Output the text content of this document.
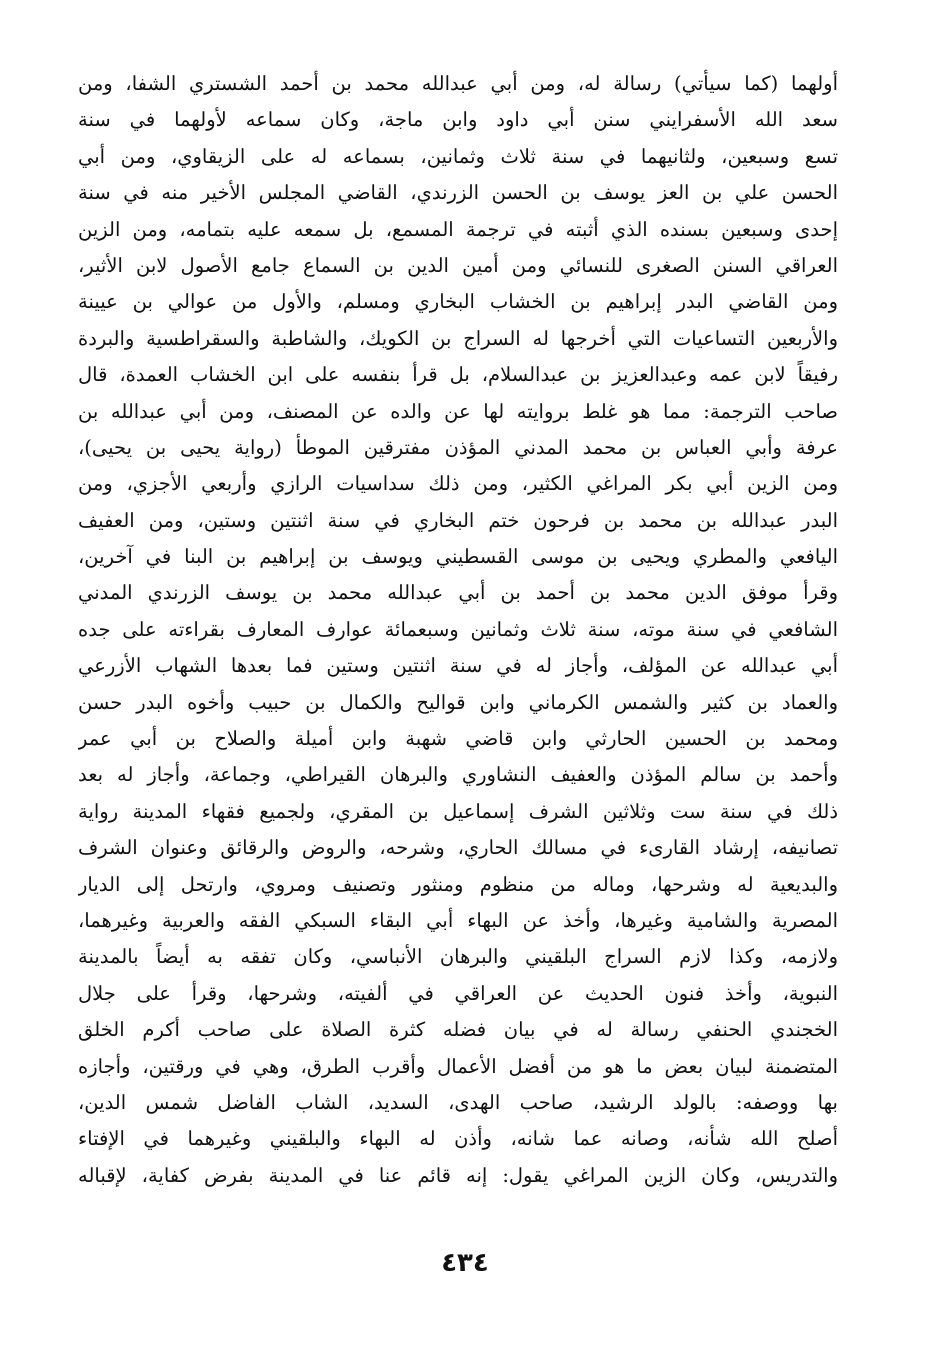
أولهما (كما سيأتي) رسالة له، ومن أبي عبدالله محمد بن أحمد الشستري الشفا، ومن
سعد الله الأسفرايني سنن أبي داود وابن ماجة، وكان سماعه لأولهما في سنة
تسع وسبعين، ولثانيهما في سنة ثلاث وثمانين، بسماعه له على الزيقاوي، ومن أبي
الحسن علي بن العز يوسف بن الحسن الزرندي، القاضي المجلس الأخير منه في سنة
إحدى وسبعين بسنده الذي أثبته في ترجمة المسمع، بل سمعه عليه بتمامه، ومن الزين
العراقي السنن الصغرى للنسائي ومن أمين الدين بن السماع جامع الأصول لابن الأثير،
ومن القاضي البدر إبراهيم بن الخشاب البخاري ومسلم، والأول من عوالي بن عيينة
والأربعين التساعيات التي أخرجها له السراج بن الكويك، والشاطبة والسقراطسية والبردة
رفيقاً لابن عمه وعبدالعزيز بن عبدالسلام، بل قرأ بنفسه على ابن الخشاب العمدة، قال
صاحب الترجمة: مما هو غلط بروايته لها عن والده عن المصنف، ومن أبي عبدالله بن
عرفة وأبي العباس بن محمد المدني المؤذن مفترقين الموطأ (رواية يحيى بن يحيى)،
ومن الزين أبي بكر المراغي الكثير، ومن ذلك سداسيات الرازي وأربعي الأجزي، ومن
البدر عبدالله بن محمد بن فرحون ختم البخاري في سنة اثنتين وستين، ومن العفيف
اليافعي والمطري ويحيى بن موسى القسطيني ويوسف بن إبراهيم بن البنا في آخرين،
وقرأ موفق الدين محمد بن أحمد بن أبي عبدالله محمد بن يوسف الزرندي المدني
الشافعي في سنة موته، سنة ثلاث وثمانين وسبعمائة عوارف المعارف بقراءته على جده
أبي عبدالله عن المؤلف، وأجاز له في سنة اثنتين وستين فما بعدها الشهاب الأزرعي
والعماد بن كثير والشمس الكرماني وابن قواليح والكمال بن حبيب وأخوه البدر حسن
ومحمد بن الحسين الحارثي وابن قاضي شهبة وابن أميلة والصلاح بن أبي عمر
وأحمد بن سالم المؤذن والعفيف النشاوري والبرهان القيراطي، وجماعة، وأجاز له بعد
ذلك في سنة ست وثلاثين الشرف إسماعيل بن المقري، ولجميع فقهاء المدينة رواية
تصانيفه، إرشاد القارىء في مسالك الحاري، وشرحه، والروض والرقائق وعنوان الشرف
والبديعية له وشرحها، وماله من منظوم ومنثور وتصنيف ومروي، وارتحل إلى الديار
المصرية والشامية وغيرها، وأخذ عن البهاء أبي البقاء السبكي الفقه والعربية وغيرهما،
ولازمه، وكذا لازم السراج البلقيني والبرهان الأنباسي، وكان تفقه به أيضاً بالمدينة
النبوية، وأخذ فنون الحديث عن العراقي في ألفيته، وشرحها، وقرأ على جلال
الخجندي الحنفي رسالة له في بيان فضله كثرة الصلاة على صاحب أكرم الخلق
المتضمنة لبيان بعض ما هو من أفضل الأعمال وأقرب الطرق، وهي في ورقتين، وأجازه
بها ووصفه: بالولد الرشيد، صاحب الهدى، السديد، الشاب الفاضل شمس الدين،
أصلح الله شأنه، وصانه عما شانه، وأذن له البهاء والبلقيني وغيرهما في الإفتاء
والتدريس، وكان الزين المراغي يقول: إنه قائم عنا في المدينة بفرض كفاية، لإقباله
٤٣٤
